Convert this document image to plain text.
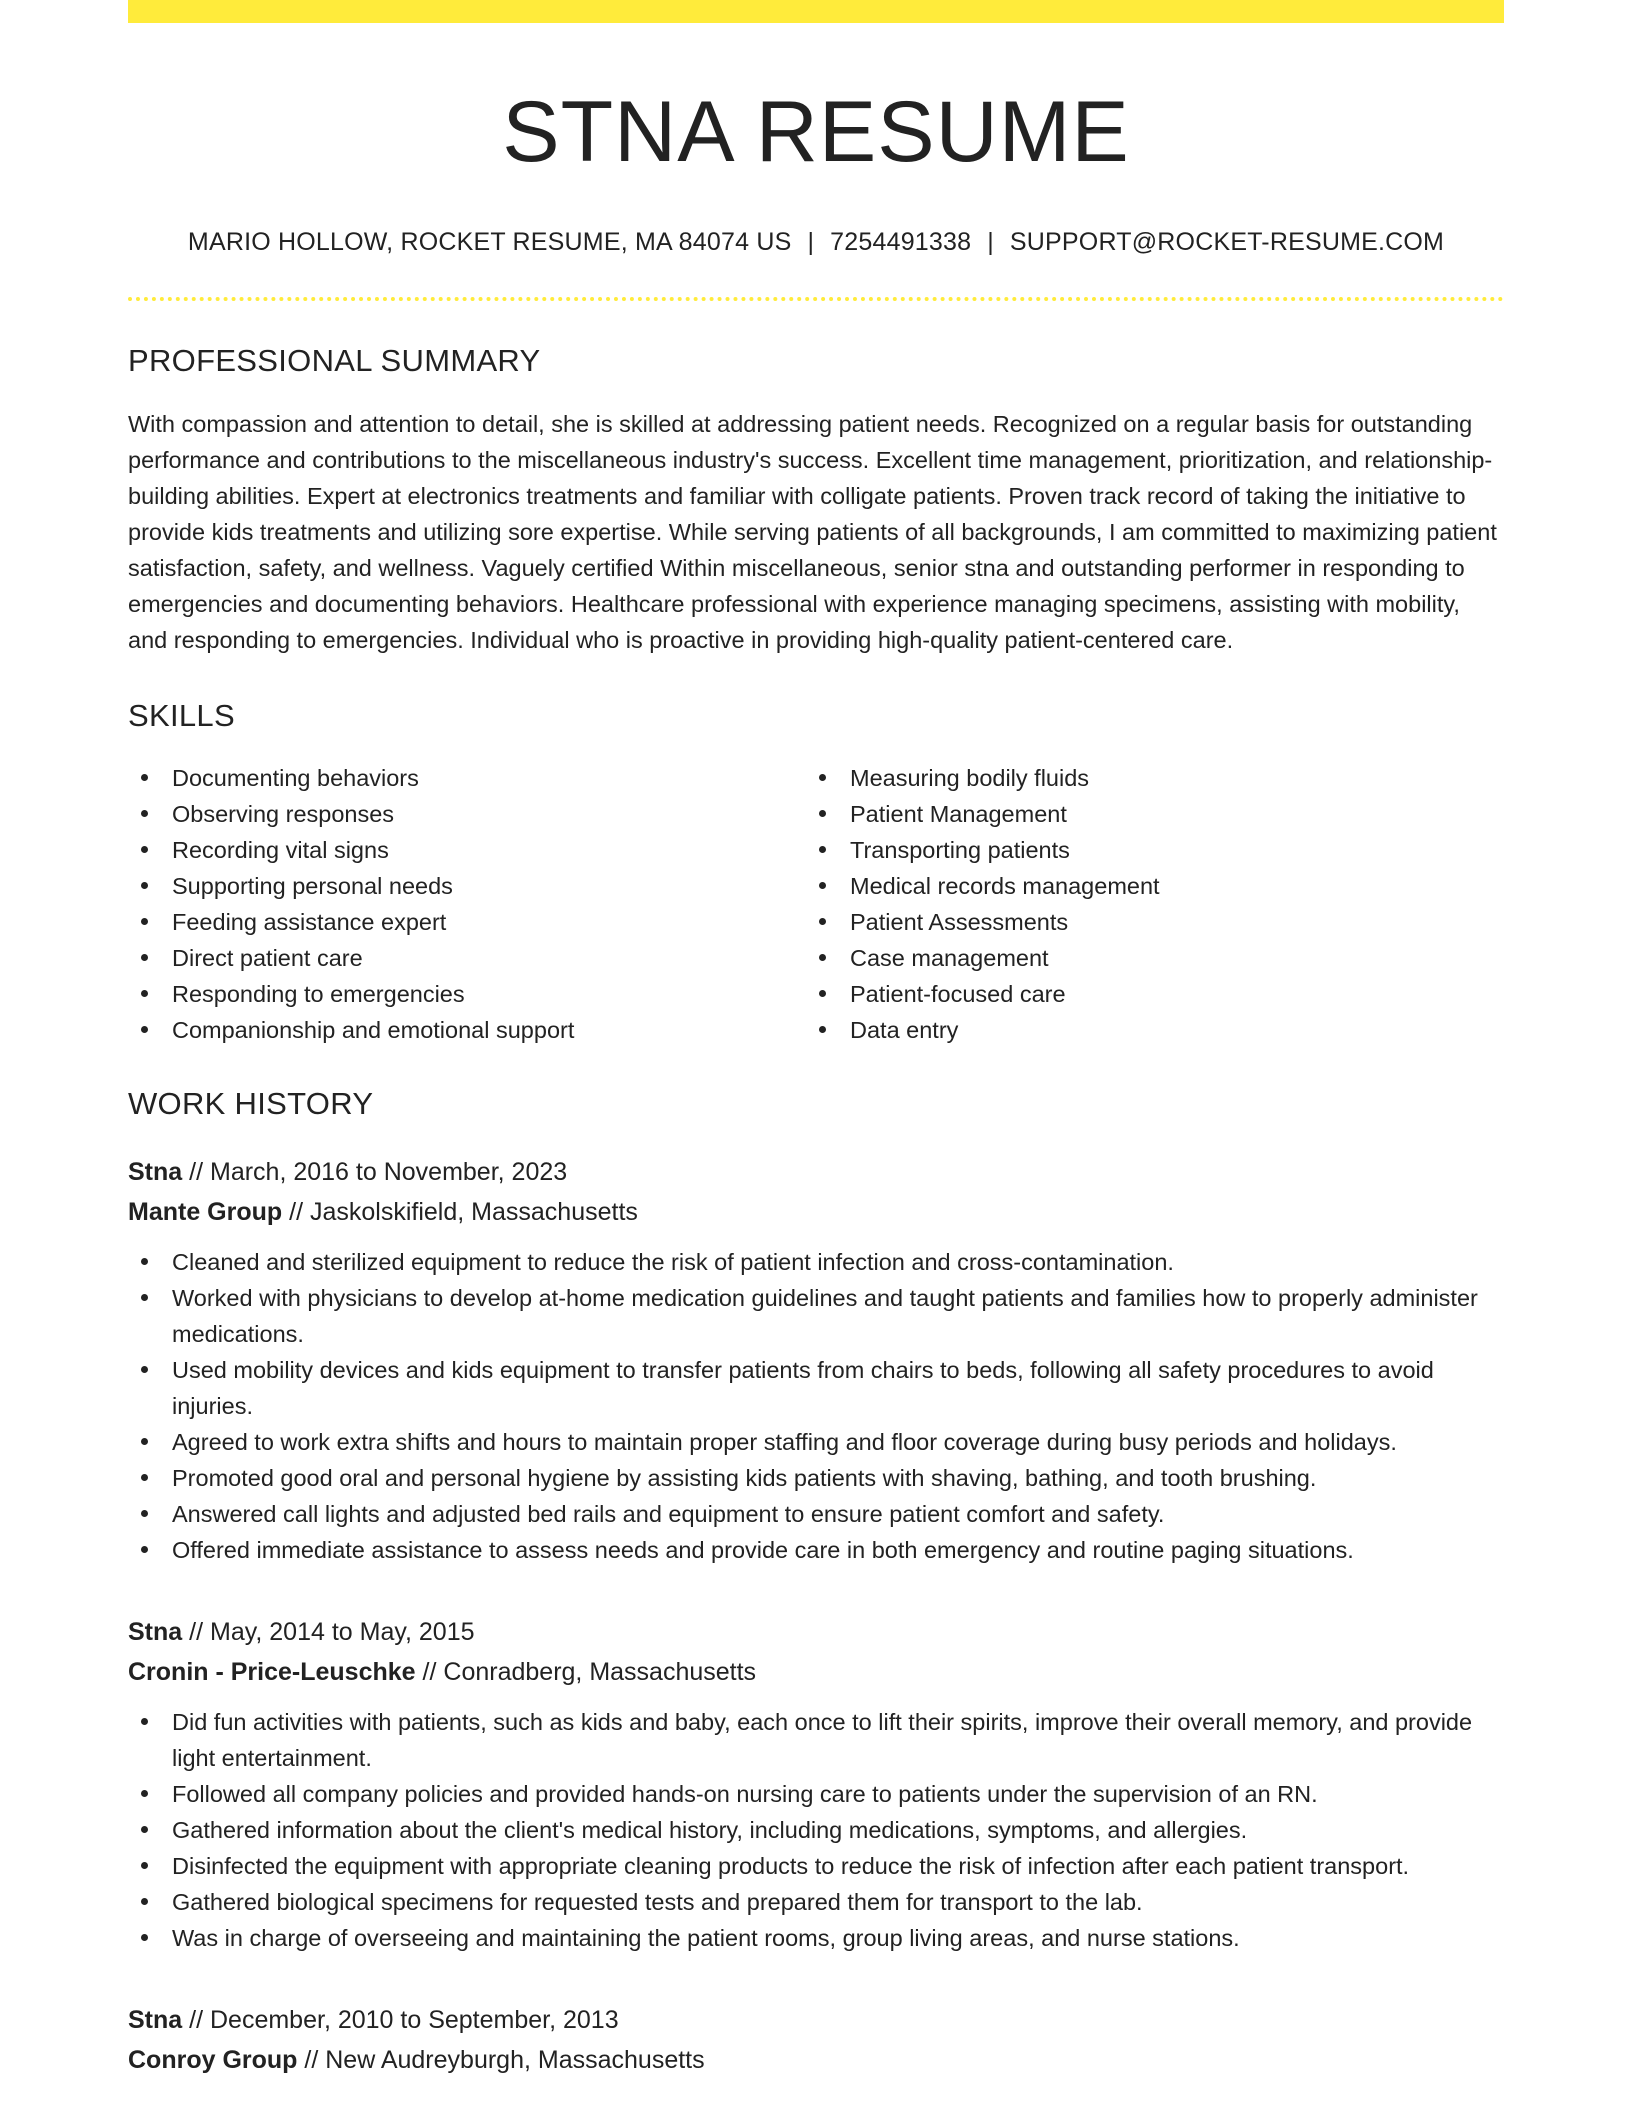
STNA RESUME
MARIO HOLLOW, ROCKET RESUME, MA 84074 US | 7254491338 | SUPPORT@ROCKET-RESUME.COM
PROFESSIONAL SUMMARY

With compassion and attention to detail, she is skilled at addressing patient needs. Recognized on a regular basis for outstanding performance and contributions to the miscellaneous industry's success. Excellent time management, prioritization, and relationship-building abilities. Expert at electronics treatments and familiar with colligate patients. Proven track record of taking the initiative to provide kids treatments and utilizing sore expertise. While serving patients of all backgrounds, I am committed to maximizing patient satisfaction, safety, and wellness. Vaguely certified Within miscellaneous, senior stna and outstanding performer in responding to emergencies and documenting behaviors. Healthcare professional with experience managing specimens, assisting with mobility, and responding to emergencies. Individual who is proactive in providing high-quality patient-centered care.

SKILLS
Documenting behaviors
Observing responses
Recording vital signs
Supporting personal needs
Feeding assistance expert
Direct patient care
Responding to emergencies
Companionship and emotional support
Measuring bodily fluids
Patient Management
Transporting patients
Medical records management
Patient Assessments
Case management
Patient-focused care
Data entry
WORK HISTORY
Stna // March, 2016 to November, 2023
Mante Group // Jaskolskifield, Massachusetts
Cleaned and sterilized equipment to reduce the risk of patient infection and cross-contamination.
Worked with physicians to develop at-home medication guidelines and taught patients and families how to properly administer medications.
Used mobility devices and kids equipment to transfer patients from chairs to beds, following all safety procedures to avoid injuries.
Agreed to work extra shifts and hours to maintain proper staffing and floor coverage during busy periods and holidays.
Promoted good oral and personal hygiene by assisting kids patients with shaving, bathing, and tooth brushing.
Answered call lights and adjusted bed rails and equipment to ensure patient comfort and safety.
Offered immediate assistance to assess needs and provide care in both emergency and routine paging situations.
Stna // May, 2014 to May, 2015
Cronin - Price-Leuschke // Conradberg, Massachusetts
Did fun activities with patients, such as kids and baby, each once to lift their spirits, improve their overall memory, and provide light entertainment.
Followed all company policies and provided hands-on nursing care to patients under the supervision of an RN.
Gathered information about the client's medical history, including medications, symptoms, and allergies.
Disinfected the equipment with appropriate cleaning products to reduce the risk of infection after each patient transport.
Gathered biological specimens for requested tests and prepared them for transport to the lab.
Was in charge of overseeing and maintaining the patient rooms, group living areas, and nurse stations.
Stna // December, 2010 to September, 2013
Conroy Group // New Audreyburgh, Massachusetts
